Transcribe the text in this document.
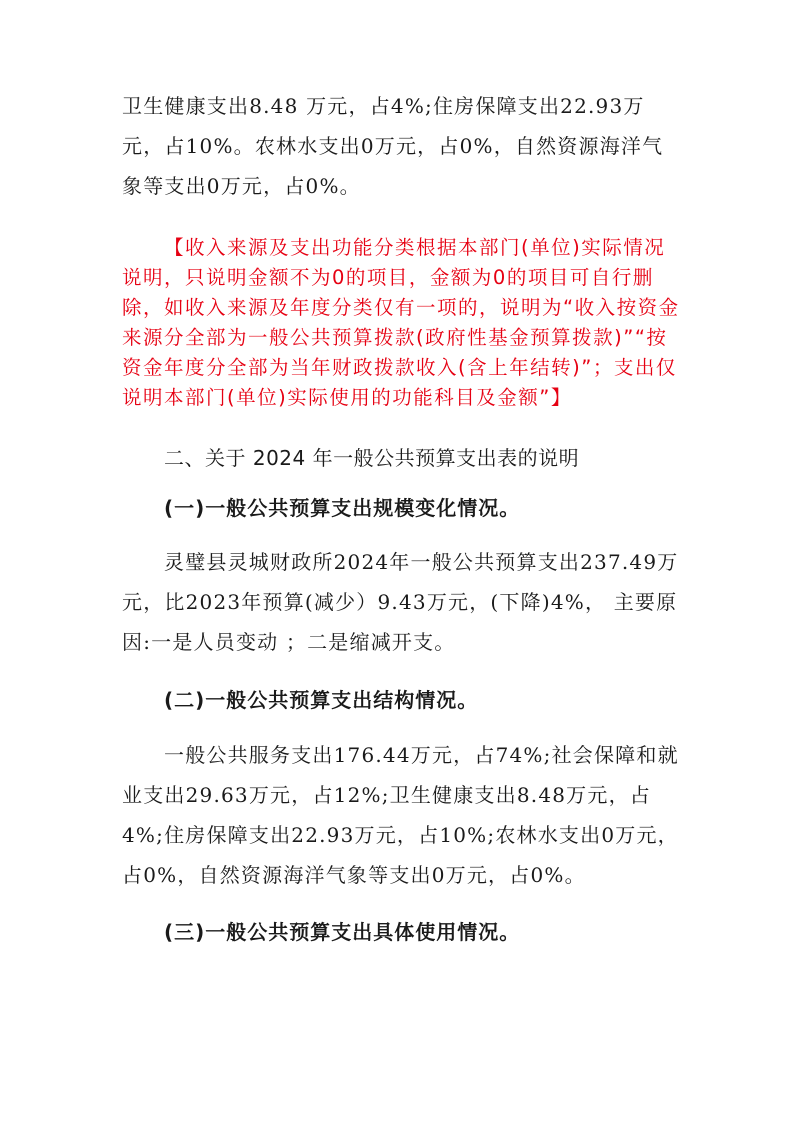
卫生健康支出8.48 万元，占4%;住房保障支出22.93万元，占10%。农林水支出0万元，占0%，自然资源海洋气象等支出0万元，占0%。

【收入来源及支出功能分类根据本部门(单位)实际情况说明，只说明金额不为0的项目，金额为0的项目可自行删除，如收入来源及年度分类仅有一项的，说明为“收入按资金来源分全部为一般公共预算拨款(政府性基金预算拨款)”“按资金年度分全部为当年财政拨款收入(含上年结转)”；支出仅说明本部门(单位)实际使用的功能科目及金额”】

二、关于 2024 年一般公共预算支出表的说明

(一)一般公共预算支出规模变化情况。

灵璧县灵城财政所2024年一般公共预算支出237.49万元，比2023年预算(减少）9.43万元，(下降)4%， 主要原因:一是人员变动 ；二是缩减开支。

(二)一般公共预算支出结构情况。

一般公共服务支出176.44万元，占74%;社会保障和就业支出29.63万元，占12%;卫生健康支出8.48万元，占4%;住房保障支出22.93万元，占10%;农林水支出0万元，占0%，自然资源海洋气象等支出0万元，占0%。

(三)一般公共预算支出具体使用情况。
